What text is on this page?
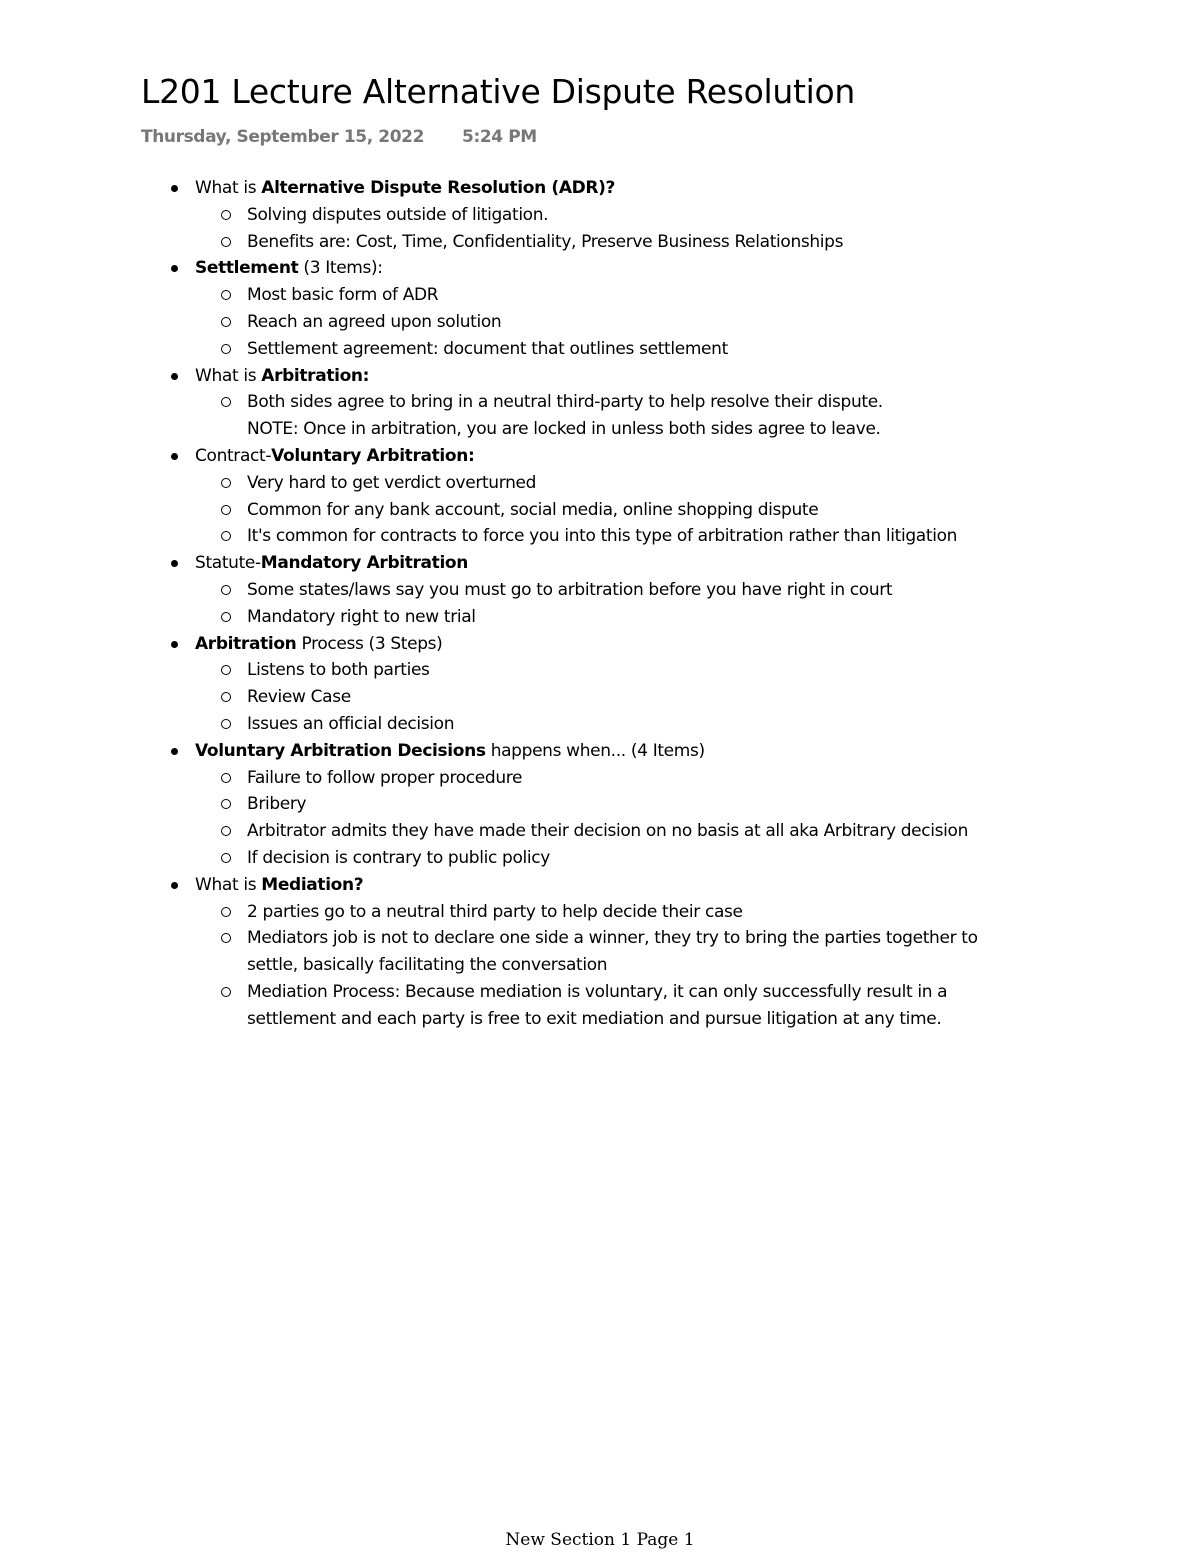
L201 Lecture Alternative Dispute Resolution
Thursday, September 15, 2022 5:24 PM
What is Alternative Dispute Resolution (ADR)?
Solving disputes outside of litigation.
Benefits are: Cost, Time, Confidentiality, Preserve Business Relationships
Settlement (3 Items):
Most basic form of ADR
Reach an agreed upon solution
Settlement agreement: document that outlines settlement
What is Arbitration:
Both sides agree to bring in a neutral third-party to help resolve their dispute.
NOTE: Once in arbitration, you are locked in unless both sides agree to leave.
Contract-Voluntary Arbitration:
Very hard to get verdict overturned
Common for any bank account, social media, online shopping dispute
It's common for contracts to force you into this type of arbitration rather than litigation
Statute-Mandatory Arbitration
Some states/laws say you must go to arbitration before you have right in court
Mandatory right to new trial
Arbitration Process (3 Steps)
Listens to both parties
Review Case
Issues an official decision
Voluntary Arbitration Decisions happens when... (4 Items)
Failure to follow proper procedure
Bribery
Arbitrator admits they have made their decision on no basis at all aka Arbitrary decision
If decision is contrary to public policy
What is Mediation?
2 parties go to a neutral third party to help decide their case
Mediators job is not to declare one side a winner, they try to bring the parties together to
settle, basically facilitating the conversation
Mediation Process: Because mediation is voluntary, it can only successfully result in a
settlement and each party is free to exit mediation and pursue litigation at any time.
New Section 1 Page 1
